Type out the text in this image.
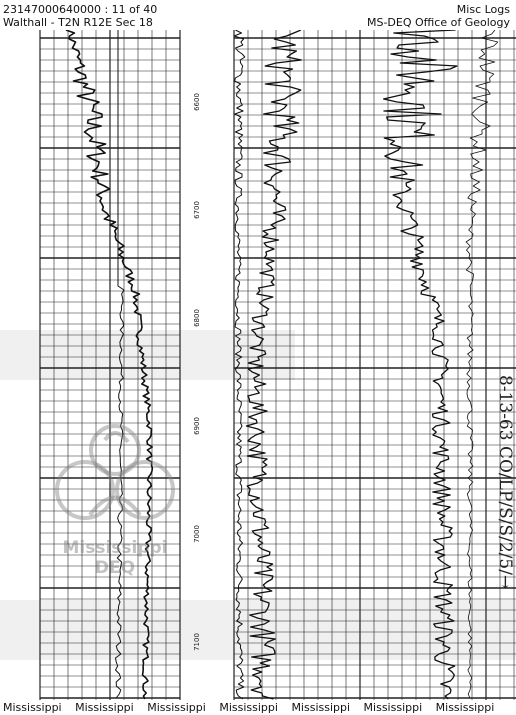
23147000640000 : 11 of 40
Walthall - T2N R12E Sec 18
Misc Logs
MS-DEQ Office of Geology
6600
6700
6800
6900
7000
7100
8-13-63 CO/LP/S/S/2/5/→
Mississippi
DEQ
Mississippi Mississippi Mississippi Mississippi Mississippi Mississippi Mississippi
